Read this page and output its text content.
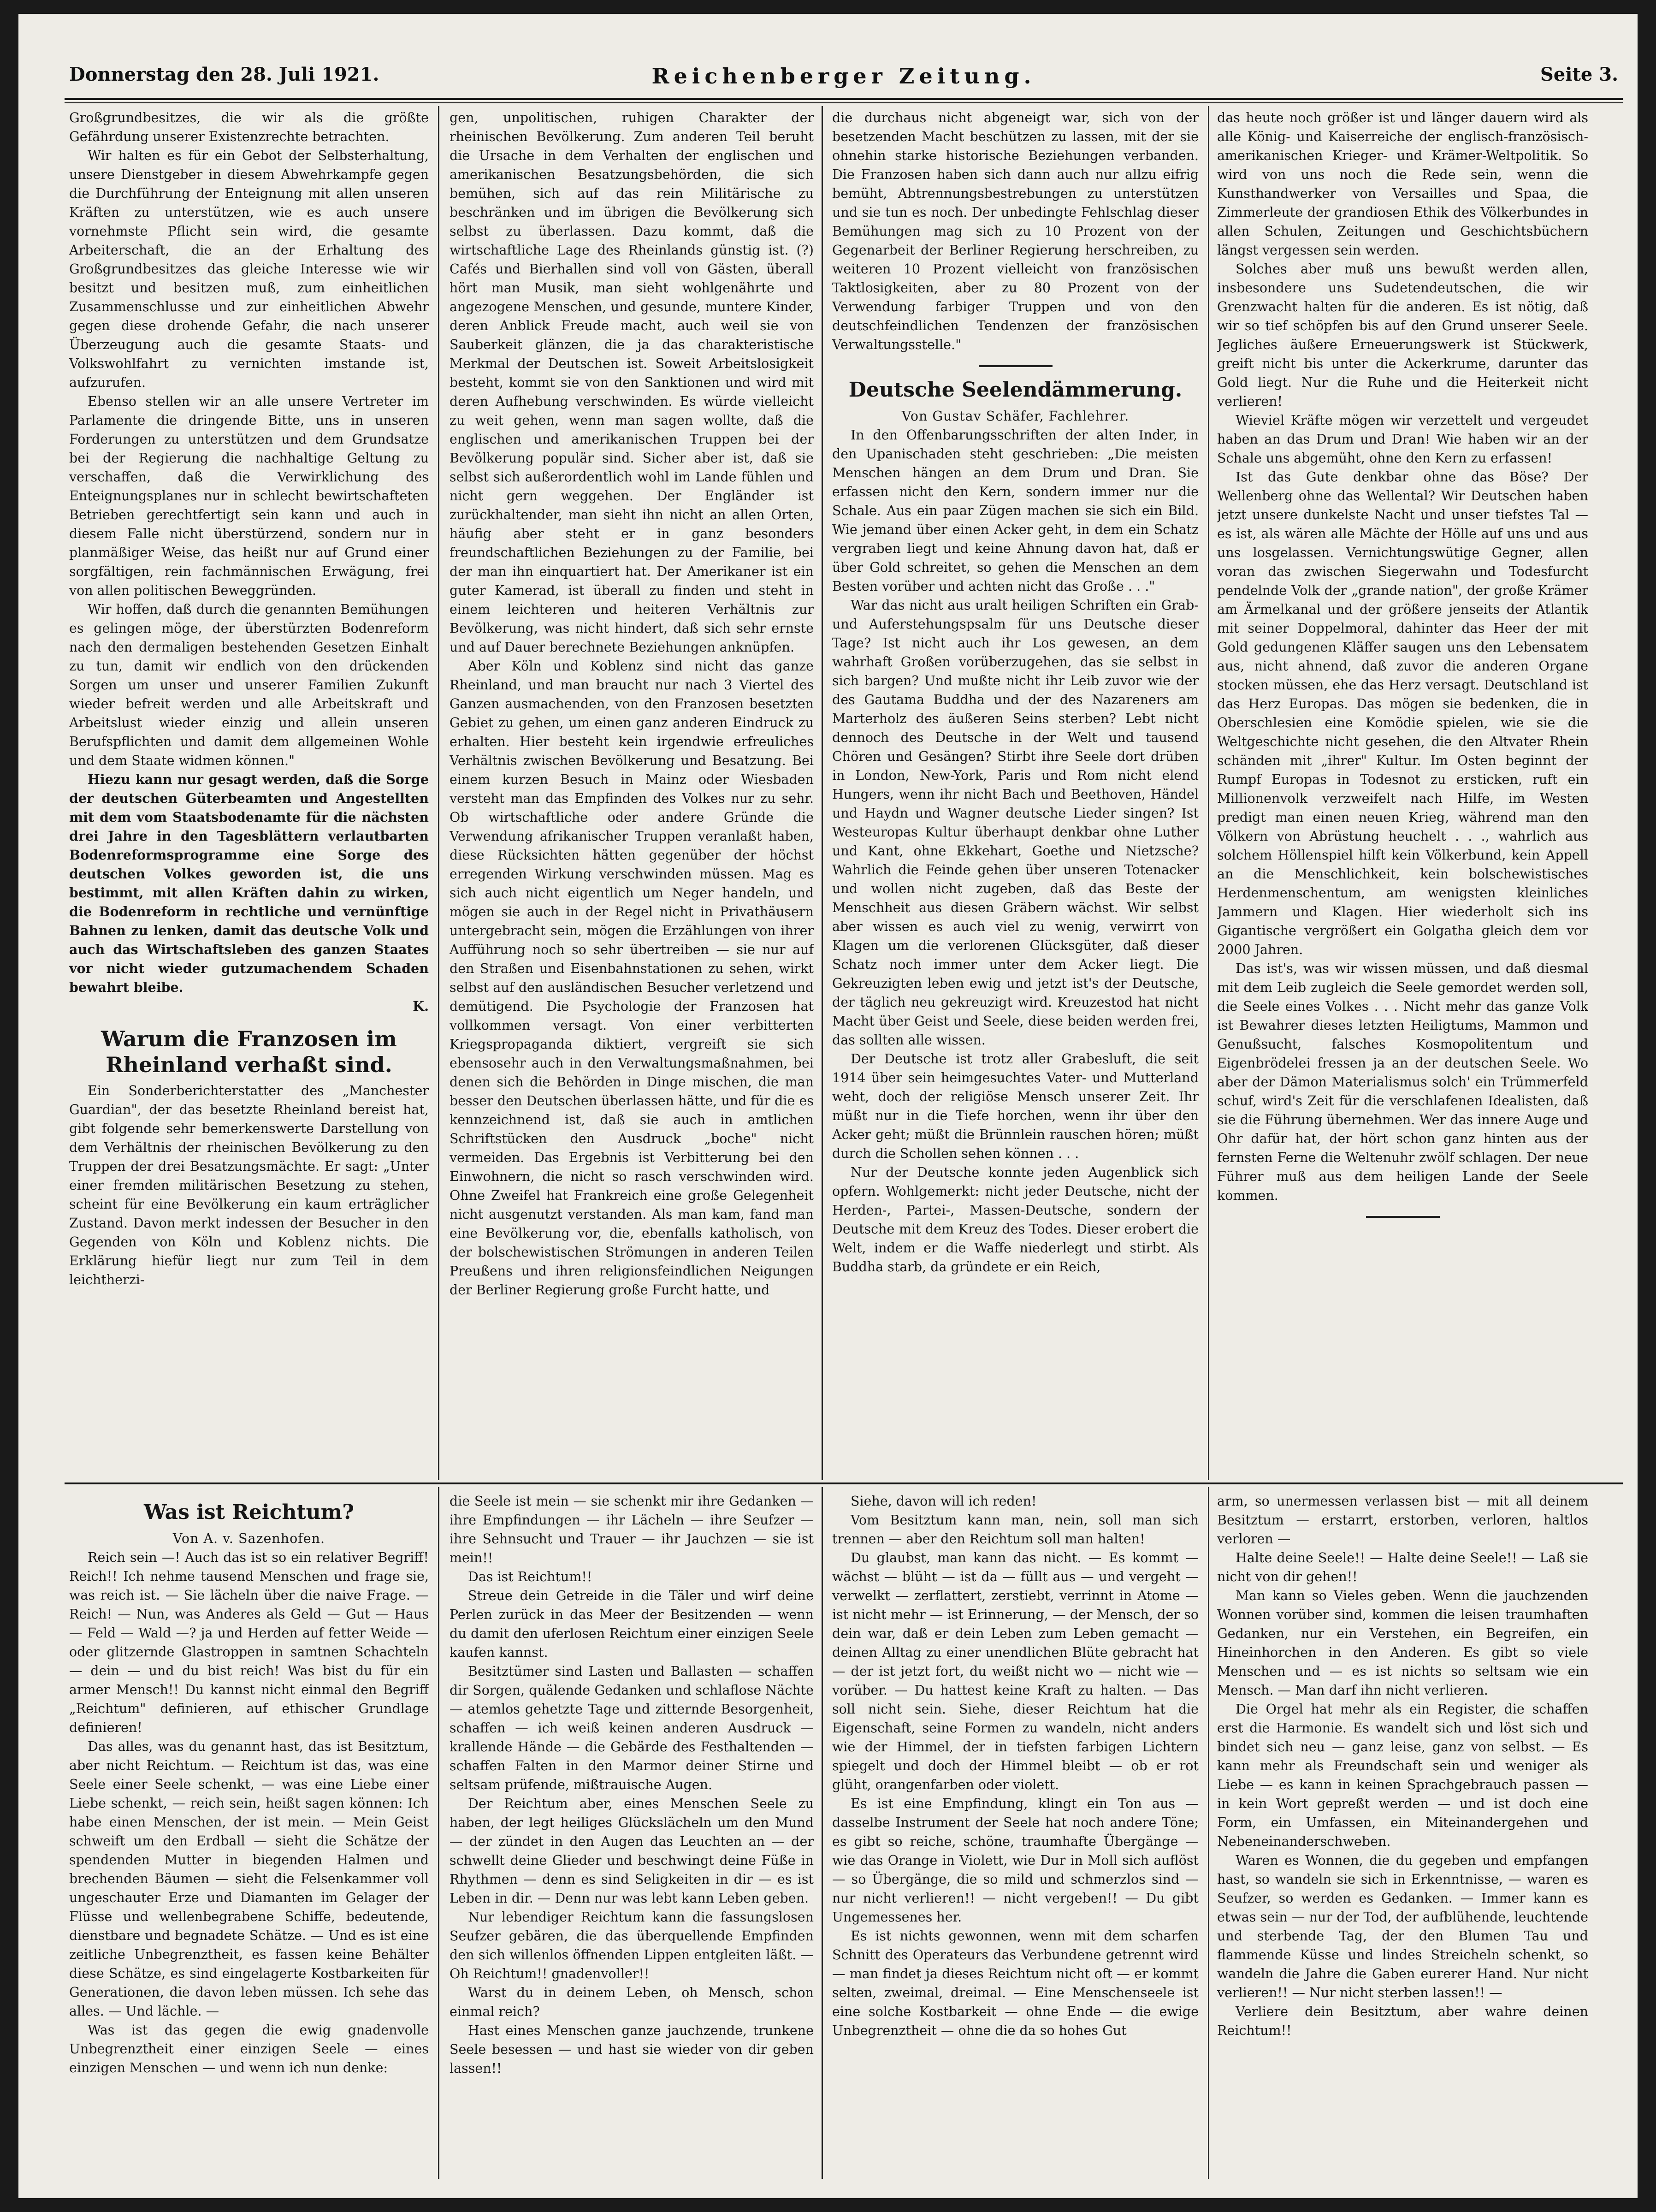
Donnerstag den 28. Juli 1921.	Reichenberger Zeitung.	Seite 3.

Großgrundbesitzes, die wir als die größte Gefährdung unserer Existenzrechte betrachten.

Wir halten es für ein Gebot der Selbsterhaltung, unsere Dienstgeber in diesem Abwehrkampfe gegen die Durchführung der Enteignung mit allen unseren Kräften zu unterstützen, wie es auch unsere vornehmste Pflicht sein wird, die gesamte Arbeiterschaft, die an der Erhaltung des Großgrundbesitzes das gleiche Interesse wie wir besitzt und besitzen muß, zum einheitlichen Zusammenschlusse und zur einheitlichen Abwehr gegen diese drohende Gefahr, die nach unserer Überzeugung auch die gesamte Staats- und Volkswohlfahrt zu vernichten imstande ist, aufzurufen.

Ebenso stellen wir an alle unsere Vertreter im Parlamente die dringende Bitte, uns in unseren Forderungen zu unterstützen und dem Grundsatze bei der Regierung die nachhaltige Geltung zu verschaffen, daß die Verwirklichung des Enteignungsplanes nur in schlecht bewirtschafteten Betrieben gerechtfertigt sein kann und auch in diesem Falle nicht überstürzend, sondern nur in planmäßiger Weise, das heißt nur auf Grund einer sorgfältigen, rein fachmännischen Erwägung, frei von allen politischen Beweggründen.

Wir hoffen, daß durch die genannten Bemühungen es gelingen möge, der überstürzten Bodenreform nach den dermaligen bestehenden Gesetzen Einhalt zu tun, damit wir endlich von den drückenden Sorgen um unser und unserer Familien Zukunft wieder befreit werden und alle Arbeitskraft und Arbeitslust wieder einzig und allein unseren Berufspflichten und damit dem allgemeinen Wohle und dem Staate widmen können."

Hiezu kann nur gesagt werden, daß die Sorge der deutschen Güterbeamten und Angestellten mit dem vom Staatsbodenamte für die nächsten drei Jahre in den Tagesblättern verlautbarten Bodenreformsprogramme eine Sorge des deutschen Volkes geworden ist, die uns bestimmt, mit allen Kräften dahin zu wirken, die Bodenreform in rechtliche und vernünftige Bahnen zu lenken, damit das deutsche Volk und auch das Wirtschaftsleben des ganzen Staates vor nicht wieder gutzumachendem Schaden bewahrt bleibe.

K.

Warum die Franzosen im Rheinland verhaßt sind.

Ein Sonderberichterstatter des „Manchester Guardian", der das besetzte Rheinland bereist hat, gibt folgende sehr bemerkenswerte Darstellung von dem Verhältnis der rheinischen Bevölkerung zu den Truppen der drei Besatzungsmächte. Er sagt: „Unter einer fremden militärischen Besetzung zu stehen, scheint für eine Bevölkerung ein kaum erträglicher Zustand. Davon merkt indessen der Besucher in den Gegenden von Köln und Koblenz nichts. Die Erklärung hiefür liegt nur zum Teil in dem leichtherzi-

gen, unpolitischen, ruhigen Charakter der rheinischen Bevölkerung. Zum anderen Teil beruht die Ursache in dem Verhalten der englischen und amerikanischen Besatzungsbehörden, die sich bemühen, sich auf das rein Militärische zu beschränken und im übrigen die Bevölkerung sich selbst zu überlassen. Dazu kommt, daß die wirtschaftliche Lage des Rheinlands günstig ist. (?) Cafés und Bierhallen sind voll von Gästen, überall hört man Musik, man sieht wohlgenährte und angezogene Menschen, und gesunde, muntere Kinder, deren Anblick Freude macht, auch weil sie von Sauberkeit glänzen, die ja das charakteristische Merkmal der Deutschen ist. Soweit Arbeitslosigkeit besteht, kommt sie von den Sanktionen und wird mit deren Aufhebung verschwinden. Es würde vielleicht zu weit gehen, wenn man sagen wollte, daß die englischen und amerikanischen Truppen bei der Bevölkerung populär sind. Sicher aber ist, daß sie selbst sich außerordentlich wohl im Lande fühlen und nicht gern weggehen. Der Engländer ist zurückhaltender, man sieht ihn nicht an allen Orten, häufig aber steht er in ganz besonders freundschaftlichen Beziehungen zu der Familie, bei der man ihn einquartiert hat. Der Amerikaner ist ein guter Kamerad, ist überall zu finden und steht in einem leichteren und heiteren Verhältnis zur Bevölkerung, was nicht hindert, daß sich sehr ernste und auf Dauer berechnete Beziehungen anknüpfen.

Aber Köln und Koblenz sind nicht das ganze Rheinland, und man braucht nur nach 3 Viertel des Ganzen ausmachenden, von den Franzosen besetzten Gebiet zu gehen, um einen ganz anderen Eindruck zu erhalten. Hier besteht kein irgendwie erfreuliches Verhältnis zwischen Bevölkerung und Besatzung. Bei einem kurzen Besuch in Mainz oder Wiesbaden versteht man das Empfinden des Volkes nur zu sehr. Ob wirtschaftliche oder andere Gründe die Verwendung afrikanischer Truppen veranlaßt haben, diese Rücksichten hätten gegenüber der höchst erregenden Wirkung verschwinden müssen. Mag es sich auch nicht eigentlich um Neger handeln, und mögen sie auch in der Regel nicht in Privathäusern untergebracht sein, mögen die Erzählungen von ihrer Aufführung noch so sehr übertreiben — sie nur auf den Straßen und Eisenbahnstationen zu sehen, wirkt selbst auf den ausländischen Besucher verletzend und demütigend. Die Psychologie der Franzosen hat vollkommen versagt. Von einer verbitterten Kriegspropaganda diktiert, vergreift sie sich ebensosehr auch in den Verwaltungsmaßnahmen, bei denen sich die Behörden in Dinge mischen, die man besser den Deutschen überlassen hätte, und für die es kennzeichnend ist, daß sie auch in amtlichen Schriftstücken den Ausdruck „boche" nicht vermeiden. Das Ergebnis ist Verbitterung bei den Einwohnern, die nicht so rasch verschwinden wird. Ohne Zweifel hat Frankreich eine große Gelegenheit nicht ausgenutzt verstanden. Als man kam, fand man eine Bevölkerung vor, die, ebenfalls katholisch, von der bolschewistischen Strömungen in anderen Teilen Preußens und ihren religionsfeindlichen Neigungen der Berliner Regierung große Furcht hatte, und

die durchaus nicht abgeneigt war, sich von der besetzenden Macht beschützen zu lassen, mit der sie ohnehin starke historische Beziehungen verbanden. Die Franzosen haben sich dann auch nur allzu eifrig bemüht, Abtrennungsbestrebungen zu unterstützen und sie tun es noch. Der unbedingte Fehlschlag dieser Bemühungen mag sich zu 10 Prozent von der Gegenarbeit der Berliner Regierung herschreiben, zu weiteren 10 Prozent vielleicht von französischen Taktlosigkeiten, aber zu 80 Prozent von der Verwendung farbiger Truppen und von den deutschfeindlichen Tendenzen der französischen Verwaltungsstelle."

Deutsche Seelendämmerung.

Von Gustav Schäfer, Fachlehrer.

In den Offenbarungsschriften der alten Inder, in den Upanischaden steht geschrieben: „Die meisten Menschen hängen an dem Drum und Dran. Sie erfassen nicht den Kern, sondern immer nur die Schale. Aus ein paar Zügen machen sie sich ein Bild. Wie jemand über einen Acker geht, in dem ein Schatz vergraben liegt und keine Ahnung davon hat, daß er über Gold schreitet, so gehen die Menschen an dem Besten vorüber und achten nicht das Große . . ."

War das nicht aus uralt heiligen Schriften ein Grab- und Auferstehungspsalm für uns Deutsche dieser Tage? Ist nicht auch ihr Los gewesen, an dem wahrhaft Großen vorüberzugehen, das sie selbst in sich bargen? Und mußte nicht ihr Leib zuvor wie der des Gautama Buddha und der des Nazareners am Marterholz des äußeren Seins sterben? Lebt nicht dennoch des Deutsche in der Welt und tausend Chören und Gesängen? Stirbt ihre Seele dort drüben in London, New-York, Paris und Rom nicht elend Hungers, wenn ihr nicht Bach und Beethoven, Händel und Haydn und Wagner deutsche Lieder singen? Ist Westeuropas Kultur überhaupt denkbar ohne Luther und Kant, ohne Ekkehart, Goethe und Nietzsche? Wahrlich die Feinde gehen über unseren Totenacker und wollen nicht zugeben, daß das Beste der Menschheit aus diesen Gräbern wächst. Wir selbst aber wissen es auch viel zu wenig, verwirrt von Klagen um die verlorenen Glücksgüter, daß dieser Schatz noch immer unter dem Acker liegt. Die Gekreuzigten leben ewig und jetzt ist's der Deutsche, der täglich neu gekreuzigt wird. Kreuzestod hat nicht Macht über Geist und Seele, diese beiden werden frei, das sollten alle wissen.

Der Deutsche ist trotz aller Grabesluft, die seit 1914 über sein heimgesuchtes Vater- und Mutterland weht, doch der religiöse Mensch unserer Zeit. Ihr müßt nur in die Tiefe horchen, wenn ihr über den Acker geht; müßt die Brünnlein rauschen hören; müßt durch die Schollen sehen können . . .

Nur der Deutsche konnte jeden Augenblick sich opfern. Wohlgemerkt: nicht jeder Deutsche, nicht der Herden-, Partei-, Massen-Deutsche, sondern der Deutsche mit dem Kreuz des Todes. Dieser erobert die Welt, indem er die Waffe niederlegt und stirbt. Als Buddha starb, da gründete er ein Reich,

das heute noch größer ist und länger dauern wird als alle König- und Kaiserreiche der englisch-französisch-amerikanischen Krieger- und Krämer-Weltpolitik. So wird von uns noch die Rede sein, wenn die Kunsthandwerker von Versailles und Spaa, die Zimmerleute der grandiosen Ethik des Völkerbundes in allen Schulen, Zeitungen und Geschichtsbüchern längst vergessen sein werden.

Solches aber muß uns bewußt werden allen, insbesondere uns Sudetendeutschen, die wir Grenzwacht halten für die anderen. Es ist nötig, daß wir so tief schöpfen bis auf den Grund unserer Seele. Jegliches äußere Erneuerungswerk ist Stückwerk, greift nicht bis unter die Ackerkrume, darunter das Gold liegt. Nur die Ruhe und die Heiterkeit nicht verlieren!

Wieviel Kräfte mögen wir verzettelt und vergeudet haben an das Drum und Dran! Wie haben wir an der Schale uns abgemüht, ohne den Kern zu erfassen!

Ist das Gute denkbar ohne das Böse? Der Wellenberg ohne das Wellental? Wir Deutschen haben jetzt unsere dunkelste Nacht und unser tiefstes Tal — es ist, als wären alle Mächte der Hölle auf uns und aus uns losgelassen. Vernichtungswütige Gegner, allen voran das zwischen Siegerwahn und Todesfurcht pendelnde Volk der „grande nation", der große Krämer am Ärmelkanal und der größere jenseits der Atlantik mit seiner Doppelmoral, dahinter das Heer der mit Gold gedungenen Kläffer saugen uns den Lebensatem aus, nicht ahnend, daß zuvor die anderen Organe stocken müssen, ehe das Herz versagt. Deutschland ist das Herz Europas. Das mögen sie bedenken, die in Oberschlesien eine Komödie spielen, wie sie die Weltgeschichte nicht gesehen, die den Altvater Rhein schänden mit „ihrer" Kultur. Im Osten beginnt der Rumpf Europas in Todesnot zu ersticken, ruft ein Millionenvolk verzweifelt nach Hilfe, im Westen predigt man einen neuen Krieg, während man den Völkern von Abrüstung heuchelt . . ., wahrlich aus solchem Höllenspiel hilft kein Völkerbund, kein Appell an die Menschlichkeit, kein bolschewistisches Herdenmenschentum, am wenigsten kleinliches Jammern und Klagen. Hier wiederholt sich ins Gigantische vergrößert ein Golgatha gleich dem vor 2000 Jahren.

Das ist's, was wir wissen müssen, und daß diesmal mit dem Leib zugleich die Seele gemordet werden soll, die Seele eines Volkes . . . Nicht mehr das ganze Volk ist Bewahrer dieses letzten Heiligtums, Mammon und Genußsucht, falsches Kosmopolitentum und Eigenbrödelei fressen ja an der deutschen Seele. Wo aber der Dämon Materialismus solch' ein Trümmerfeld schuf, wird's Zeit für die verschlafenen Idealisten, daß sie die Führung übernehmen. Wer das innere Auge und Ohr dafür hat, der hört schon ganz hinten aus der fernsten Ferne die Weltenuhr zwölf schlagen. Der neue Führer muß aus dem heiligen Lande der Seele kommen.

Was ist Reichtum?

Von A. v. Sazenhofen.

Reich sein —! Auch das ist so ein relativer Begriff! Reich!! Ich nehme tausend Menschen und frage sie, was reich ist. — Sie lächeln über die naive Frage. — Reich! — Nun, was Anderes als Geld — Gut — Haus — Feld — Wald —? ja und Herden auf fetter Weide — oder glitzernde Glastroppen in samtnen Schachteln — dein — und du bist reich! Was bist du für ein armer Mensch!! Du kannst nicht einmal den Begriff „Reichtum" definieren, auf ethischer Grundlage definieren!

Das alles, was du genannt hast, das ist Besitztum, aber nicht Reichtum. — Reichtum ist das, was eine Seele einer Seele schenkt, — was eine Liebe einer Liebe schenkt, — reich sein, heißt sagen können: Ich habe einen Menschen, der ist mein. — Mein Geist schweift um den Erdball — sieht die Schätze der spendenden Mutter in biegenden Halmen und brechenden Bäumen — sieht die Felsenkammer voll ungeschauter Erze und Diamanten im Gelager der Flüsse und wellenbegrabene Schiffe, bedeutende, dienstbare und begnadete Schätze. — Und es ist eine zeitliche Unbegrenztheit, es fassen keine Behälter diese Schätze, es sind eingelagerte Kostbarkeiten für Generationen, die davon leben müssen. Ich sehe das alles. — Und lächle. —

Was ist das gegen die ewig gnadenvolle Unbegrenztheit einer einzigen Seele — eines einzigen Menschen — und wenn ich nun denke:

die Seele ist mein — sie schenkt mir ihre Gedanken — ihre Empfindungen — ihr Lächeln — ihre Seufzer — ihre Sehnsucht und Trauer — ihr Jauchzen — sie ist mein!!

Das ist Reichtum!!

Streue dein Getreide in die Täler und wirf deine Perlen zurück in das Meer der Besitzenden — wenn du damit den uferlosen Reichtum einer einzigen Seele kaufen kannst.

Besitztümer sind Lasten und Ballasten — schaffen dir Sorgen, quälende Gedanken und schlaflose Nächte — atemlos gehetzte Tage und zitternde Besorgenheit, schaffen — ich weiß keinen anderen Ausdruck — krallende Hände — die Gebärde des Festhaltenden — schaffen Falten in den Marmor deiner Stirne und seltsam prüfende, mißtrauische Augen.

Der Reichtum aber, eines Menschen Seele zu haben, der legt heiliges Glückslächeln um den Mund — der zündet in den Augen das Leuchten an — der schwellt deine Glieder und beschwingt deine Füße in Rhythmen — denn es sind Seligkeiten in dir — es ist Leben in dir. — Denn nur was lebt kann Leben geben.

Nur lebendiger Reichtum kann die fassungslosen Seufzer gebären, die das überquellende Empfinden den sich willenlos öffnenden Lippen entgleiten läßt. — Oh Reichtum!! gnadenvoller!!

Warst du in deinem Leben, oh Mensch, schon einmal reich?

Hast eines Menschen ganze jauchzende, trunkene Seele besessen — und hast sie wieder von dir geben lassen!!

Siehe, davon will ich reden!

Vom Besitztum kann man, nein, soll man sich trennen — aber den Reichtum soll man halten!

Du glaubst, man kann das nicht. — Es kommt — wächst — blüht — ist da — füllt aus — und vergeht — verwelkt — zerflattert, zerstiebt, verrinnt in Atome — ist nicht mehr — ist Erinnerung, — der Mensch, der so dein war, daß er dein Leben zum Leben gemacht — deinen Alltag zu einer unendlichen Blüte gebracht hat — der ist jetzt fort, du weißt nicht wo — nicht wie — vorüber. — Du hattest keine Kraft zu halten. — Das soll nicht sein. Siehe, dieser Reichtum hat die Eigenschaft, seine Formen zu wandeln, nicht anders wie der Himmel, der in tiefsten farbigen Lichtern spiegelt und doch der Himmel bleibt — ob er rot glüht, orangenfarben oder violett.

Es ist eine Empfindung, klingt ein Ton aus — dasselbe Instrument der Seele hat noch andere Töne; es gibt so reiche, schöne, traumhafte Übergänge — wie das Orange in Violett, wie Dur in Moll sich auflöst — so Übergänge, die so mild und schmerzlos sind — nur nicht verlieren!! — nicht vergeben!! — Du gibt Ungemessenes her.

Es ist nichts gewonnen, wenn mit dem scharfen Schnitt des Operateurs das Verbundene getrennt wird — man findet ja dieses Reichtum nicht oft — er kommt selten, zweimal, dreimal. — Eine Menschenseele ist eine solche Kostbarkeit — ohne Ende — die ewige Unbegrenztheit — ohne die da so hohes Gut

arm, so unermessen verlassen bist — mit all deinem Besitztum — erstarrt, erstorben, verloren, haltlos verloren —

Halte deine Seele!! — Halte deine Seele!! — Laß sie nicht von dir gehen!!

Man kann so Vieles geben. Wenn die jauchzenden Wonnen vorüber sind, kommen die leisen traumhaften Gedanken, nur ein Verstehen, ein Begreifen, ein Hineinhorchen in den Anderen. Es gibt so viele Menschen und — es ist nichts so seltsam wie ein Mensch. — Man darf ihn nicht verlieren.

Die Orgel hat mehr als ein Register, die schaffen erst die Harmonie. Es wandelt sich und löst sich und bindet sich neu — ganz leise, ganz von selbst. — Es kann mehr als Freundschaft sein und weniger als Liebe — es kann in keinen Sprachgebrauch passen — in kein Wort gepreßt werden — und ist doch eine Form, ein Umfassen, ein Miteinandergehen und Nebeneinanderschweben.

Waren es Wonnen, die du gegeben und empfangen hast, so wandeln sie sich in Erkenntnisse, — waren es Seufzer, so werden es Gedanken. — Immer kann es etwas sein — nur der Tod, der aufblühende, leuchtende und sterbende Tag, der den Blumen Tau und flammende Küsse und lindes Streicheln schenkt, so wandeln die Jahre die Gaben eurerer Hand. Nur nicht verlieren!! — Nur nicht sterben lassen!! —

Verliere dein Besitztum, aber wahre deinen Reichtum!!
